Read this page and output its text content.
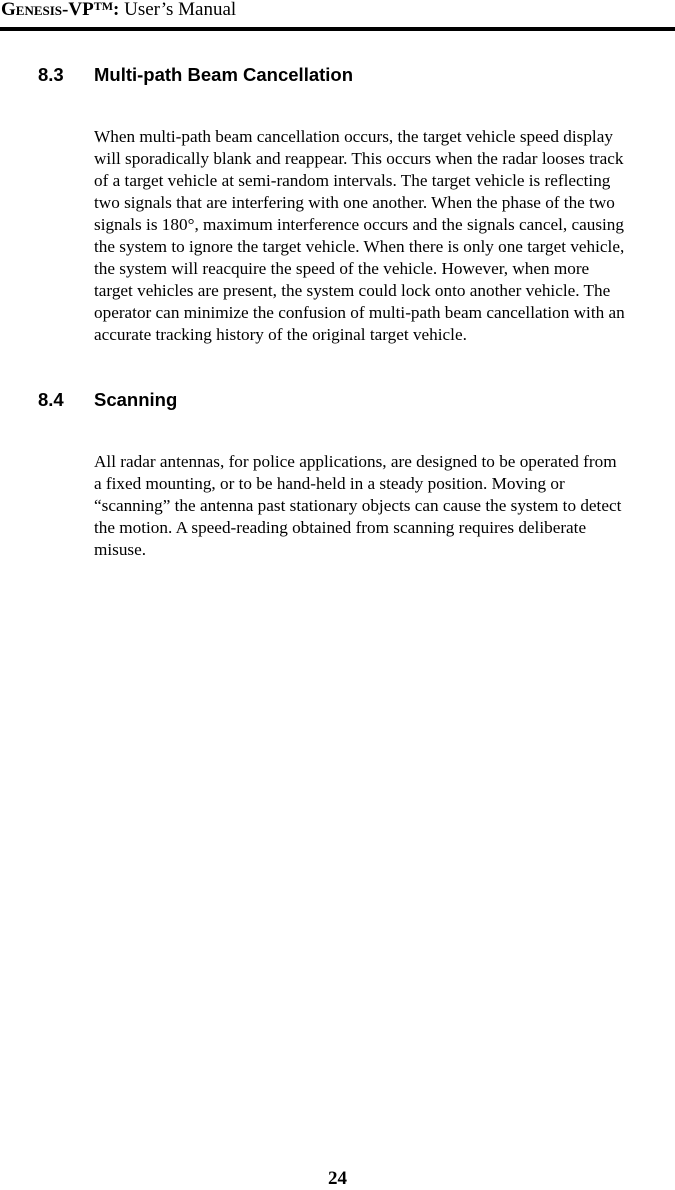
Genesis-VP™: User’s Manual
8.3 Multi-path Beam Cancellation
When multi-path beam cancellation occurs, the target vehicle speed display
will sporadically blank and reappear. This occurs when the radar looses track
of a target vehicle at semi-random intervals. The target vehicle is reflecting
two signals that are interfering with one another. When the phase of the two
signals is 180°, maximum interference occurs and the signals cancel, causing
the system to ignore the target vehicle. When there is only one target vehicle,
the system will reacquire the speed of the vehicle. However, when more
target vehicles are present, the system could lock onto another vehicle. The
operator can minimize the confusion of multi-path beam cancellation with an
accurate tracking history of the original target vehicle.
8.4 Scanning
All radar antennas, for police applications, are designed to be operated from
a fixed mounting, or to be hand-held in a steady position. Moving or
“scanning” the antenna past stationary objects can cause the system to detect
the motion. A speed-reading obtained from scanning requires deliberate
misuse.
24
